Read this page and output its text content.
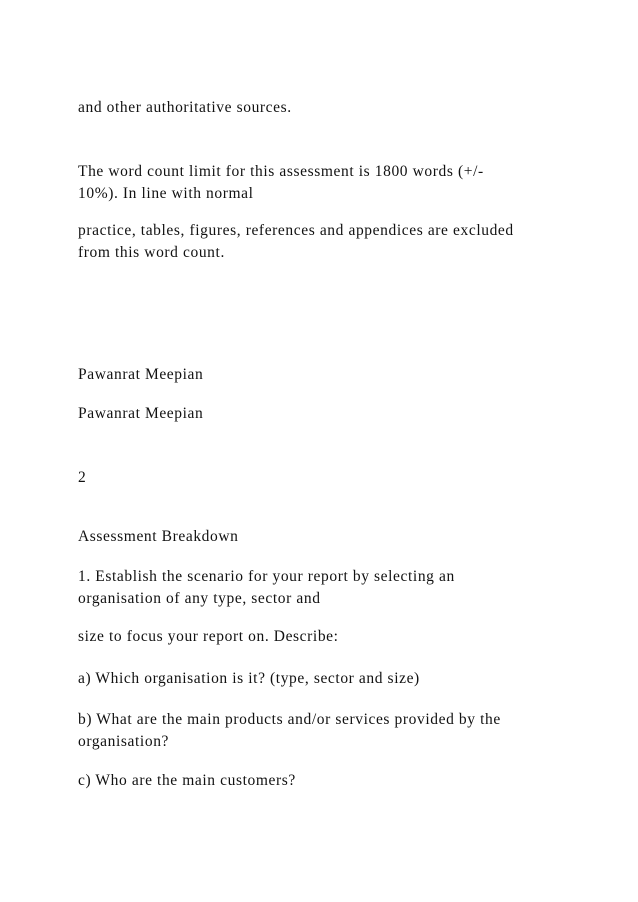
and other authoritative sources.

The word count limit for this assessment is 1800 words (+/-

10%). In line with normal

practice, tables, figures, references and appendices are excluded

from this word count.

Pawanrat Meepian

Pawanrat Meepian

2

Assessment Breakdown

1. Establish the scenario for your report by selecting an

organisation of any type, sector and

size to focus your report on. Describe:

a) Which organisation is it? (type, sector and size)

b) What are the main products and/or services provided by the

organisation?

c) Who are the main customers?
